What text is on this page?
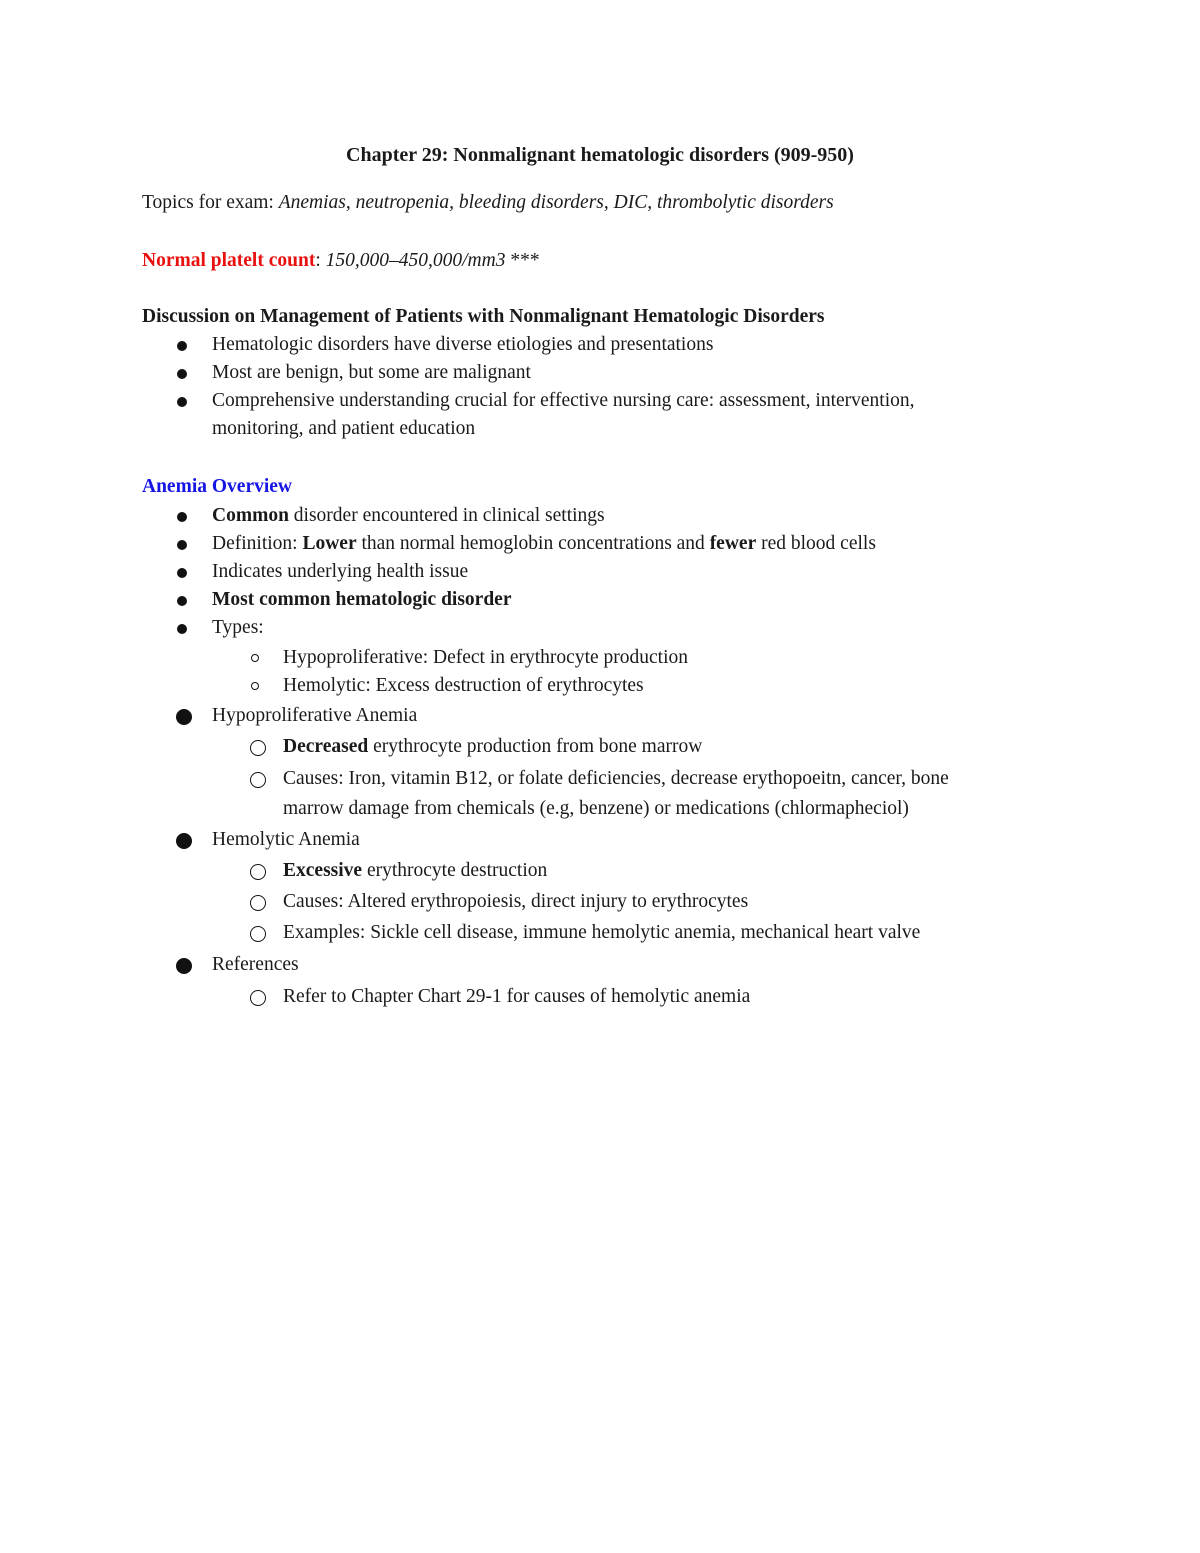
Chapter 29: Nonmalignant hematologic disorders (909-950)
Topics for exam: Anemias, neutropenia, bleeding disorders, DIC, thrombolytic disorders
Normal platelt count: 150,000–450,000/mm3 ***
Discussion on Management of Patients with Nonmalignant Hematologic Disorders
Hematologic disorders have diverse etiologies and presentations
Most are benign, but some are malignant
Comprehensive understanding crucial for effective nursing care: assessment, intervention,
monitoring, and patient education
Anemia Overview
Common disorder encountered in clinical settings
Definition: Lower than normal hemoglobin concentrations and fewer red blood cells
Indicates underlying health issue
Most common hematologic disorder
Types:
Hypoproliferative: Defect in erythrocyte production
Hemolytic: Excess destruction of erythrocytes
Hypoproliferative Anemia
Decreased erythrocyte production from bone marrow
Causes: Iron, vitamin B12, or folate deficiencies, decrease erythopoeitn, cancer, bone
marrow damage from chemicals (e.g, benzene) or medications (chlormapheciol)
Hemolytic Anemia
Excessive erythrocyte destruction
Causes: Altered erythropoiesis, direct injury to erythrocytes
Examples: Sickle cell disease, immune hemolytic anemia, mechanical heart valve
References
Refer to Chapter Chart 29-1 for causes of hemolytic anemia
